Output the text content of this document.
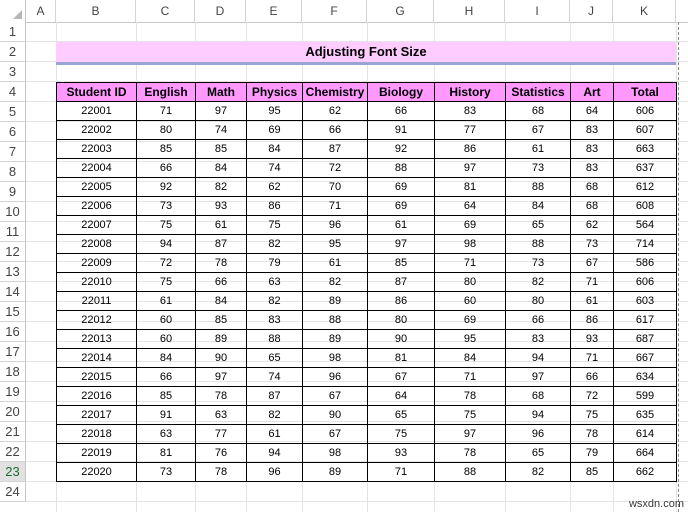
A	B	C	D	E	F	G	H	I	J	K
1
2
3
4
5
6
7
8
9
10
11
12
13
14
15
16
17
18
19
20
21
22
23
24
Adjusting Font Size
Student ID	English	Math	Physics	Chemistry	Biology	History	Statistics	Art	Total
22001	71	97	95	62	66	83	68	64	606
22002	80	74	69	66	91	77	67	83	607
22003	85	85	84	87	92	86	61	83	663
22004	66	84	74	72	88	97	73	83	637
22005	92	82	62	70	69	81	88	68	612
22006	73	93	86	71	69	64	84	68	608
22007	75	61	75	96	61	69	65	62	564
22008	94	87	82	95	97	98	88	73	714
22009	72	78	79	61	85	71	73	67	586
22010	75	66	63	82	87	80	82	71	606
22011	61	84	82	89	86	60	80	61	603
22012	60	85	83	88	80	69	66	86	617
22013	60	89	88	89	90	95	83	93	687
22014	84	90	65	98	81	84	94	71	667
22015	66	97	74	96	67	71	97	66	634
22016	85	78	87	67	64	78	68	72	599
22017	91	63	82	90	65	75	94	75	635
22018	63	77	61	67	75	97	96	78	614
22019	81	76	94	98	93	78	65	79	664
22020	73	78	96	89	71	88	82	85	662
wsxdn.com
